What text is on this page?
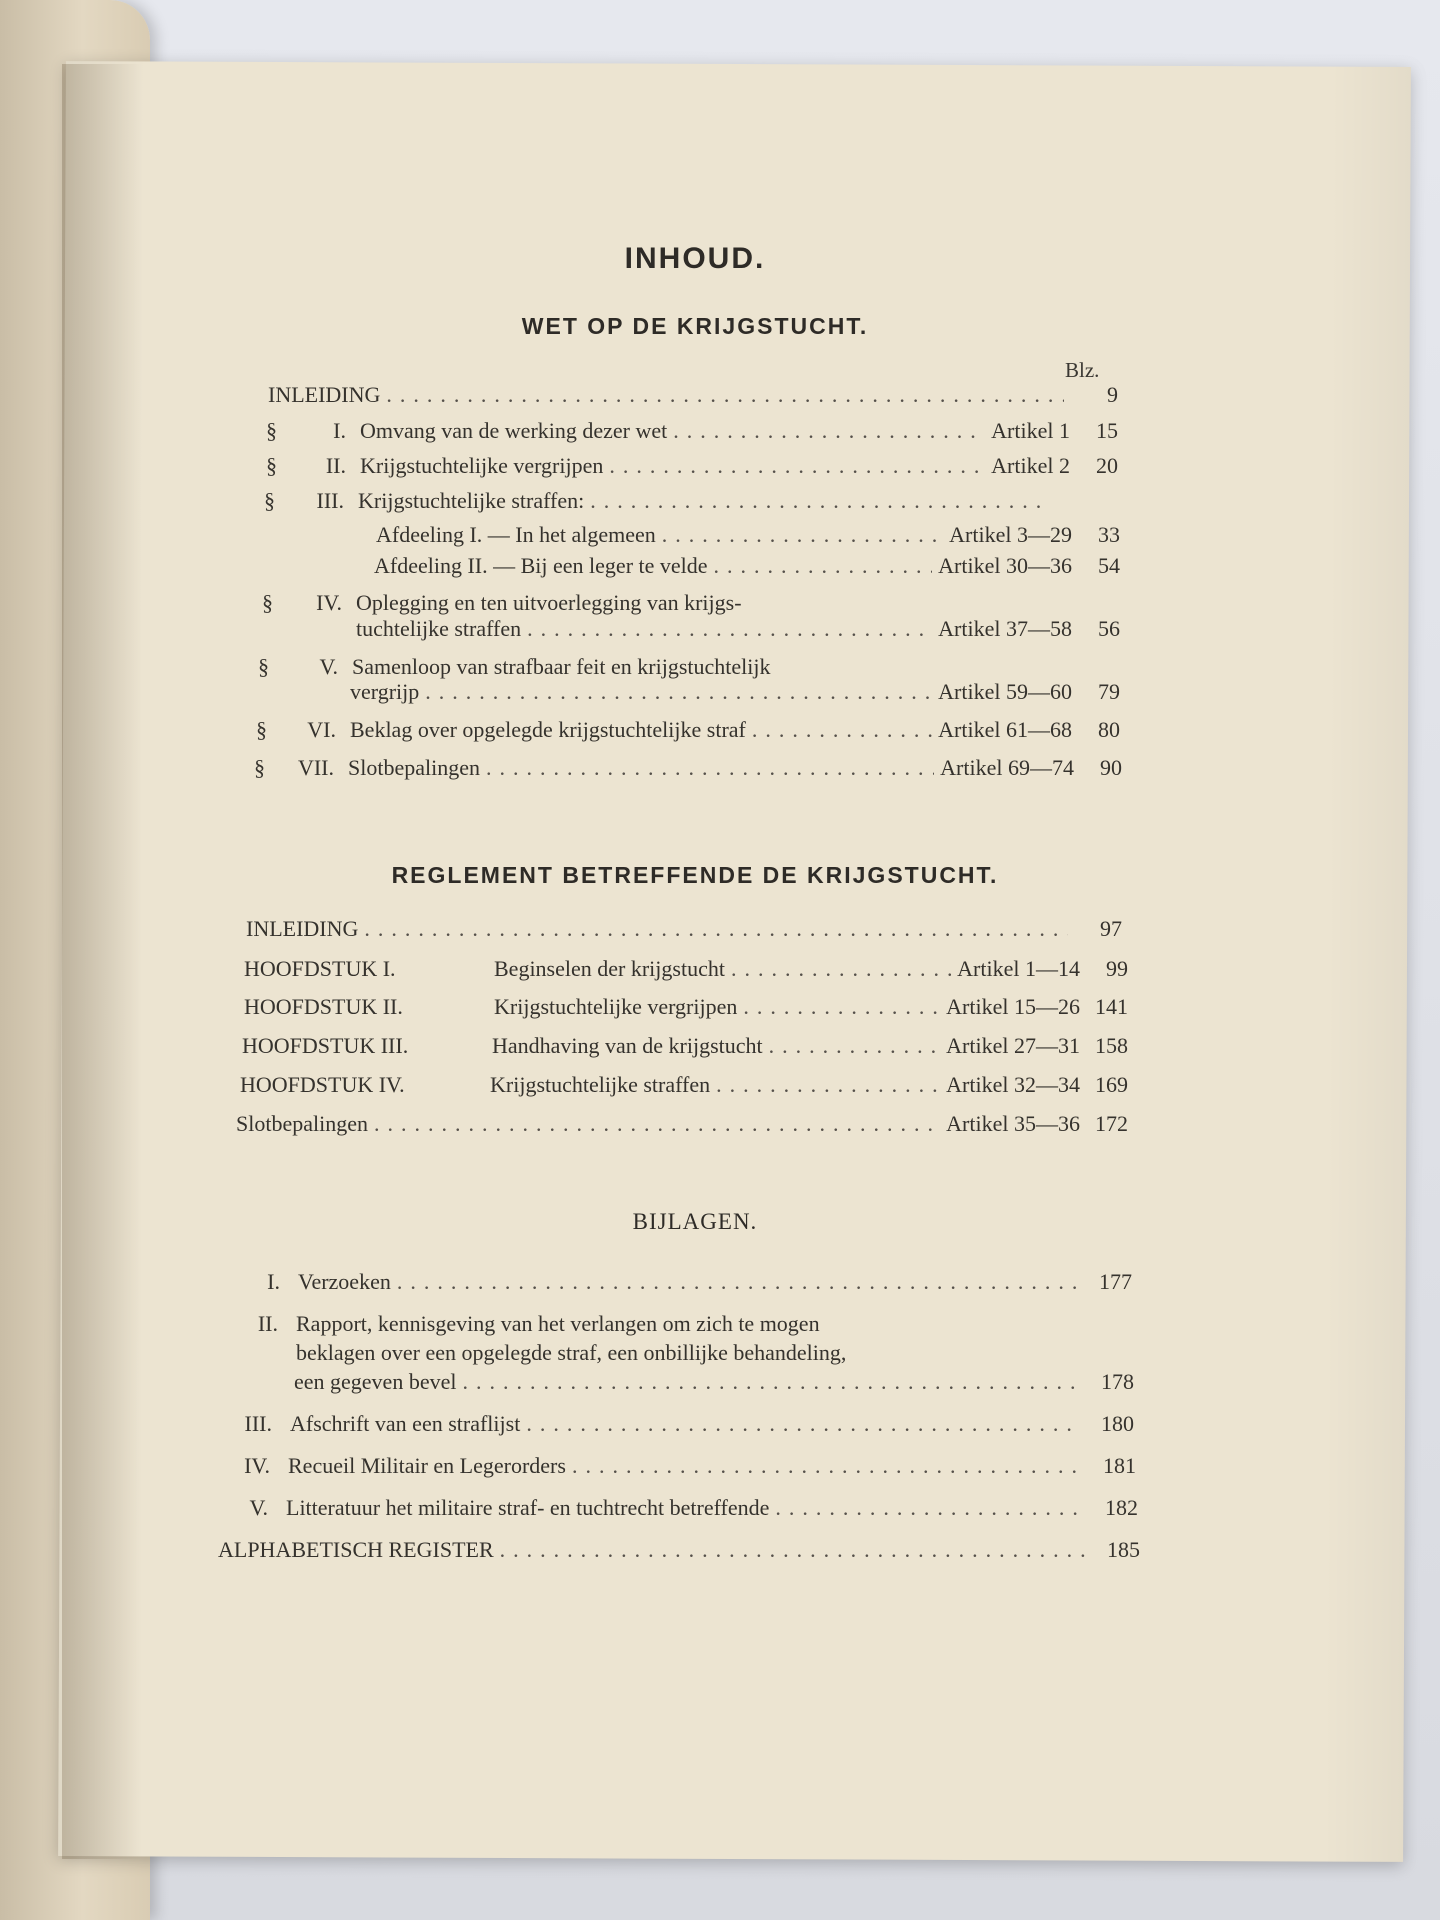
INHOUD.
WET OP DE KRIJGSTUCHT.
Blz.
INLEIDING .....	9
§	I. Omvang van de werking dezer wet .....	Artikel 1	15
§ II. Krijgstuchtelijke vergrijpen .....	Artikel 2	20
§ III. Krijgstuchtelijke straffen:
.....
Afdeeling I. — In het algemeen .....	Artikel 3—29	33
Afdeeling II. — Bij een leger te velde .....	Artikel 30—36	54
§ IV. Oplegging en ten uitvoerlegging van krijgs-
tuchtelijke straffen .....	Artikel 37—58	56
§ V. Samenloop van strafbaar feit en krijgstuchtelijk
vergrijp .....	Artikel 59—60	79
§ VI. Beklag over opgelegde krijgstuchtelijke straf .....	Artikel 61—68	80
§ VII. Slotbepalingen .....	Artikel 69—74	90
REGLEMENT BETREFFENDE DE KRIJGSTUCHT.
INLEIDING .....	97
HOOFDSTUK I.	Beginselen der krijgstucht .....	Artikel 1—14	99
HOOFDSTUK II.	Krijgstuchtelijke vergrijpen .....	Artikel 15—26 141
HOOFDSTUK III.	Handhaving van de krijgstucht .....	Artikel 27—31 158
HOOFDSTUK IV.	Krijgstuchtelijke straffen .....	Artikel 32—34 169
Slotbepalingen .....	Artikel 35—36 172
BIJLAGEN.
I. Verzoeken .....	177
II. Rapport, kennisgeving van het verlangen om zich te mogen
beklagen over een opgelegde straf, een onbillijke behandeling,
een gegeven bevel .....	178
III. Afschrift van een straflijst .....	180
IV. Recueil Militair en Legerorders .....	181
V. Litteratuur het militaire straf- en tuchtrecht betreffende .....	182
ALPHABETISCH REGISTER .....	185
